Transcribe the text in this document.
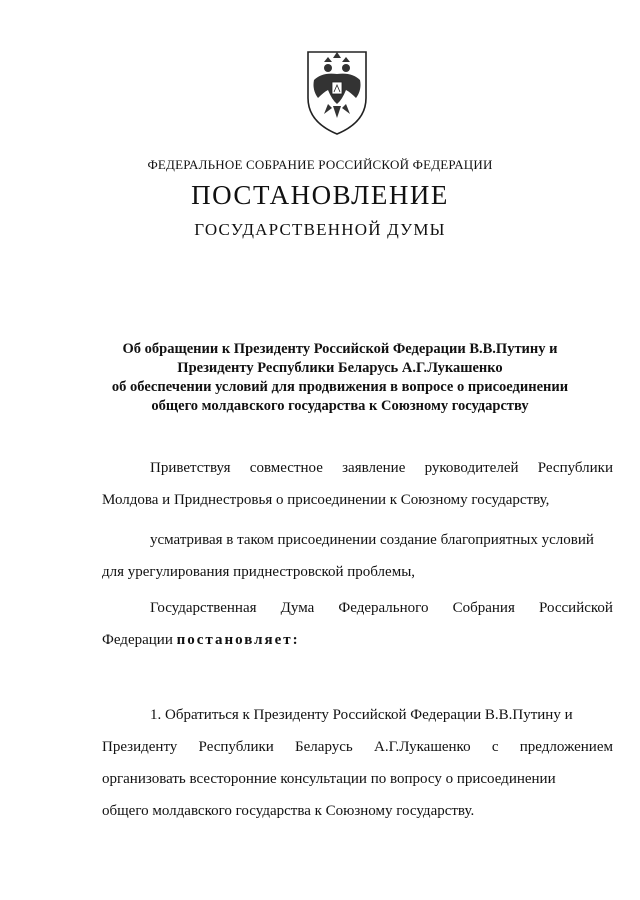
ФЕДЕРАЛЬНОЕ СОБРАНИЕ РОССИЙСКОЙ ФЕДЕРАЦИИ
ПОСТАНОВЛЕНИЕ
ГОСУДАРСТВЕННОЙ ДУМЫ
Об обращении к Президенту Российской Федерации В.В.Путину и
Президенту Республики Беларусь А.Г.Лукашенко
об обеспечении условий для продвижения в вопросе о присоединении
общего молдавского государства к Союзному государству
Приветствуя совместное заявление руководителей Республики
Молдова и Приднестровья о присоединении к Союзному государству,
усматривая в таком присоединении создание благоприятных условий
для урегулирования приднестровской проблемы,
Государственная Дума Федерального Собрания Российской
Федерации постановляет:
1. Обратиться к Президенту Российской Федерации В.В.Путину и
Президенту Республики Беларусь А.Г.Лукашенко с предложением
организовать всесторонние консультации по вопросу о присоединении
общего молдавского государства к Союзному государству.
